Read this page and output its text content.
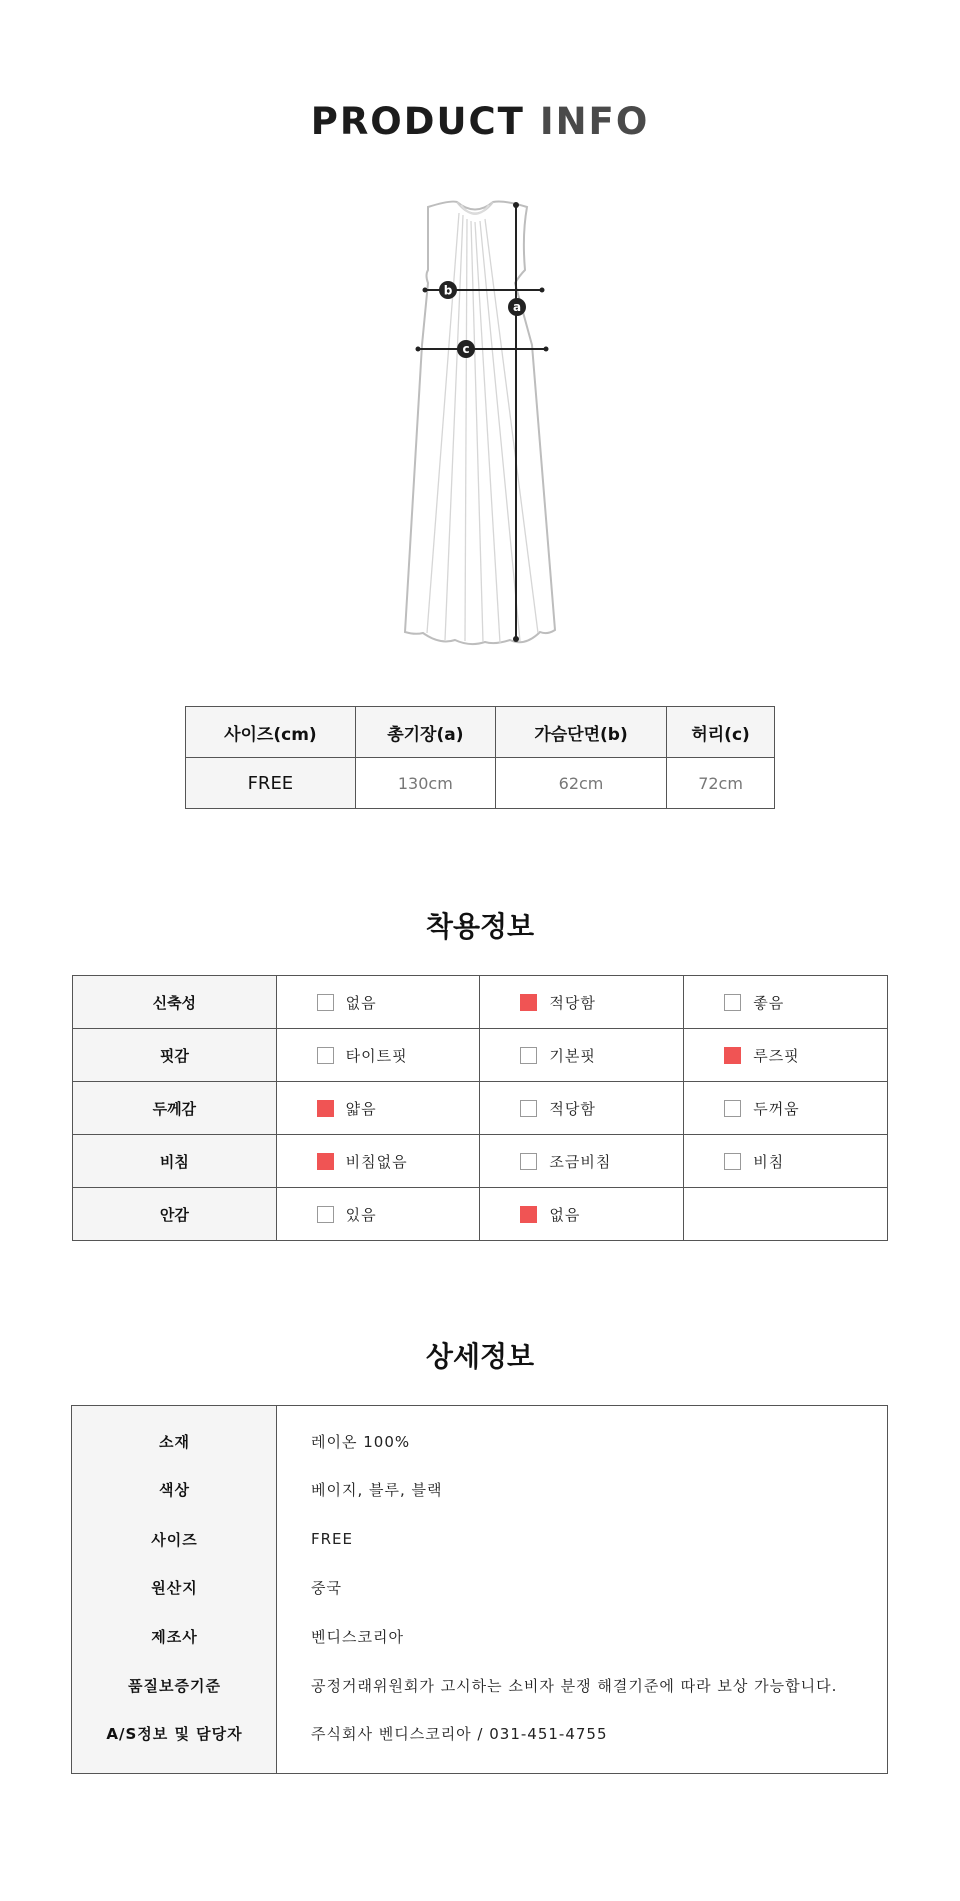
PRODUCT INFO
b
a
c
사이즈(cm)	총기장(a)	가슴단면(b)	허리(c)
FREE	130cm	62cm	72cm
착용정보
신축성	없음	적당함	좋음

핏감	타이트핏	기본핏	루즈핏

두께감	얇음	적당함	두꺼움

비침	비침없음	조금비침	비침

안감	있음	없음	

상세정보
소재	레이온 100%
색상	베이지, 블루, 블랙
사이즈	FREE
원산지	중국
제조사	벤디스코리아
품질보증기준	공정거래위원회가 고시하는 소비자 분쟁 해결기준에 따라 보상 가능합니다.
A/S정보 및 담당자	주식회사 벤디스코리아 / 031-451-4755
